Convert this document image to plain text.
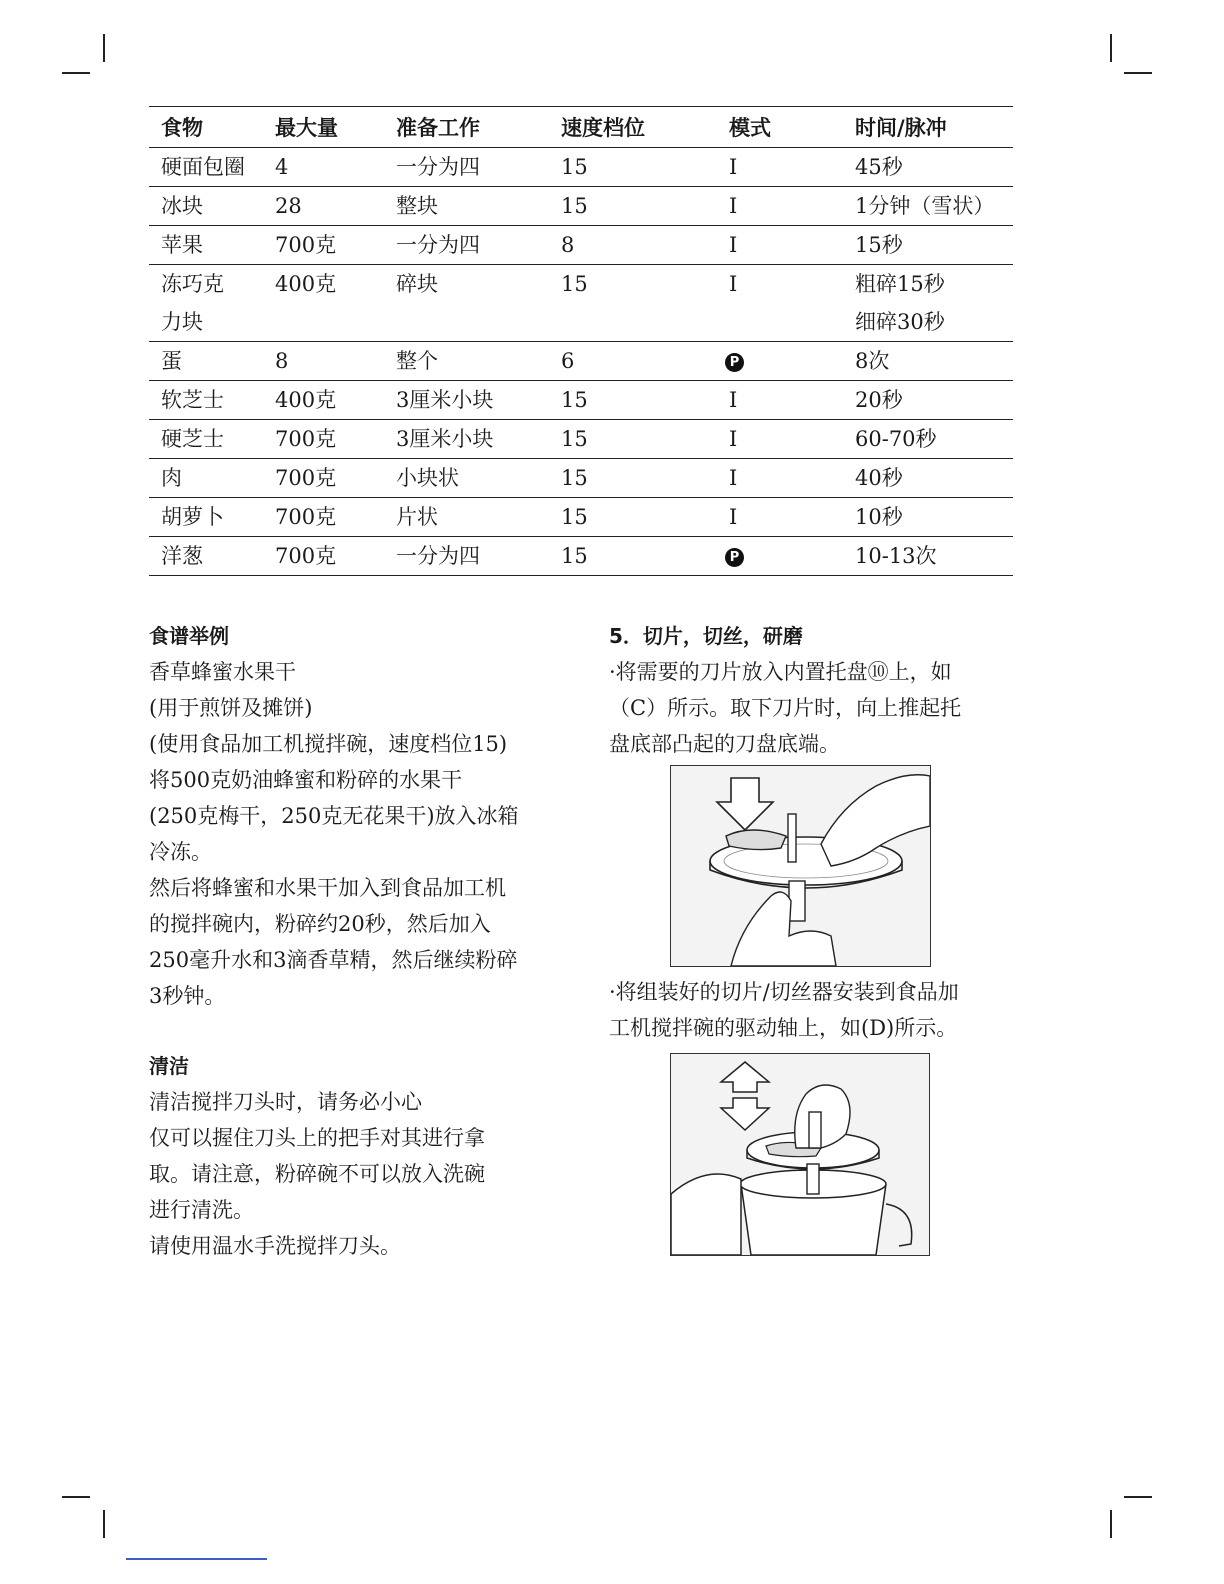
食物	最大量	准备工作	速度档位	模式	时间/脉冲
硬面包圈	4	一分为四	15	I	45秒
冰块	28	整块	15	I	1分钟（雪状）
苹果	700克	一分为四	8	I	15秒

冻巧克力块	400克	碎块	15	I	粗碎15秒
细碎30秒

蛋	8	整个	6	P	8次
软芝士	400克	3厘米小块	15	I	20秒
硬芝士	700克	3厘米小块	15	I	60-70秒
肉	700克	小块状	15	I	40秒
胡萝卜	700克	片状	15	I	10秒
洋葱	700克	一分为四	15	P	10-13次

食谱举例

香草蜂蜜水果干

(用于煎饼及摊饼)

(使用食品加工机搅拌碗，速度档位15)

将500克奶油蜂蜜和粉碎的水果干

(250克梅干，250克无花果干)放入冰箱

冷冻。

然后将蜂蜜和水果干加入到食品加工机

的搅拌碗内，粉碎约20秒，然后加入

250毫升水和3滴香草精，然后继续粉碎

3秒钟。

清洁

清洁搅拌刀头时，请务必小心

仅可以握住刀头上的把手对其进行拿

取。请注意，粉碎碗不可以放入洗碗

进行清洗。

请使用温水手洗搅拌刀头。

5．切片，切丝，研磨

·将需要的刀片放入内置托盘⑩上，如

（C）所示。取下刀片时，向上推起托

盘底部凸起的刀盘底端。

·将组装好的切片/切丝器安装到食品加

工机搅拌碗的驱动轴上，如(D)所示。
